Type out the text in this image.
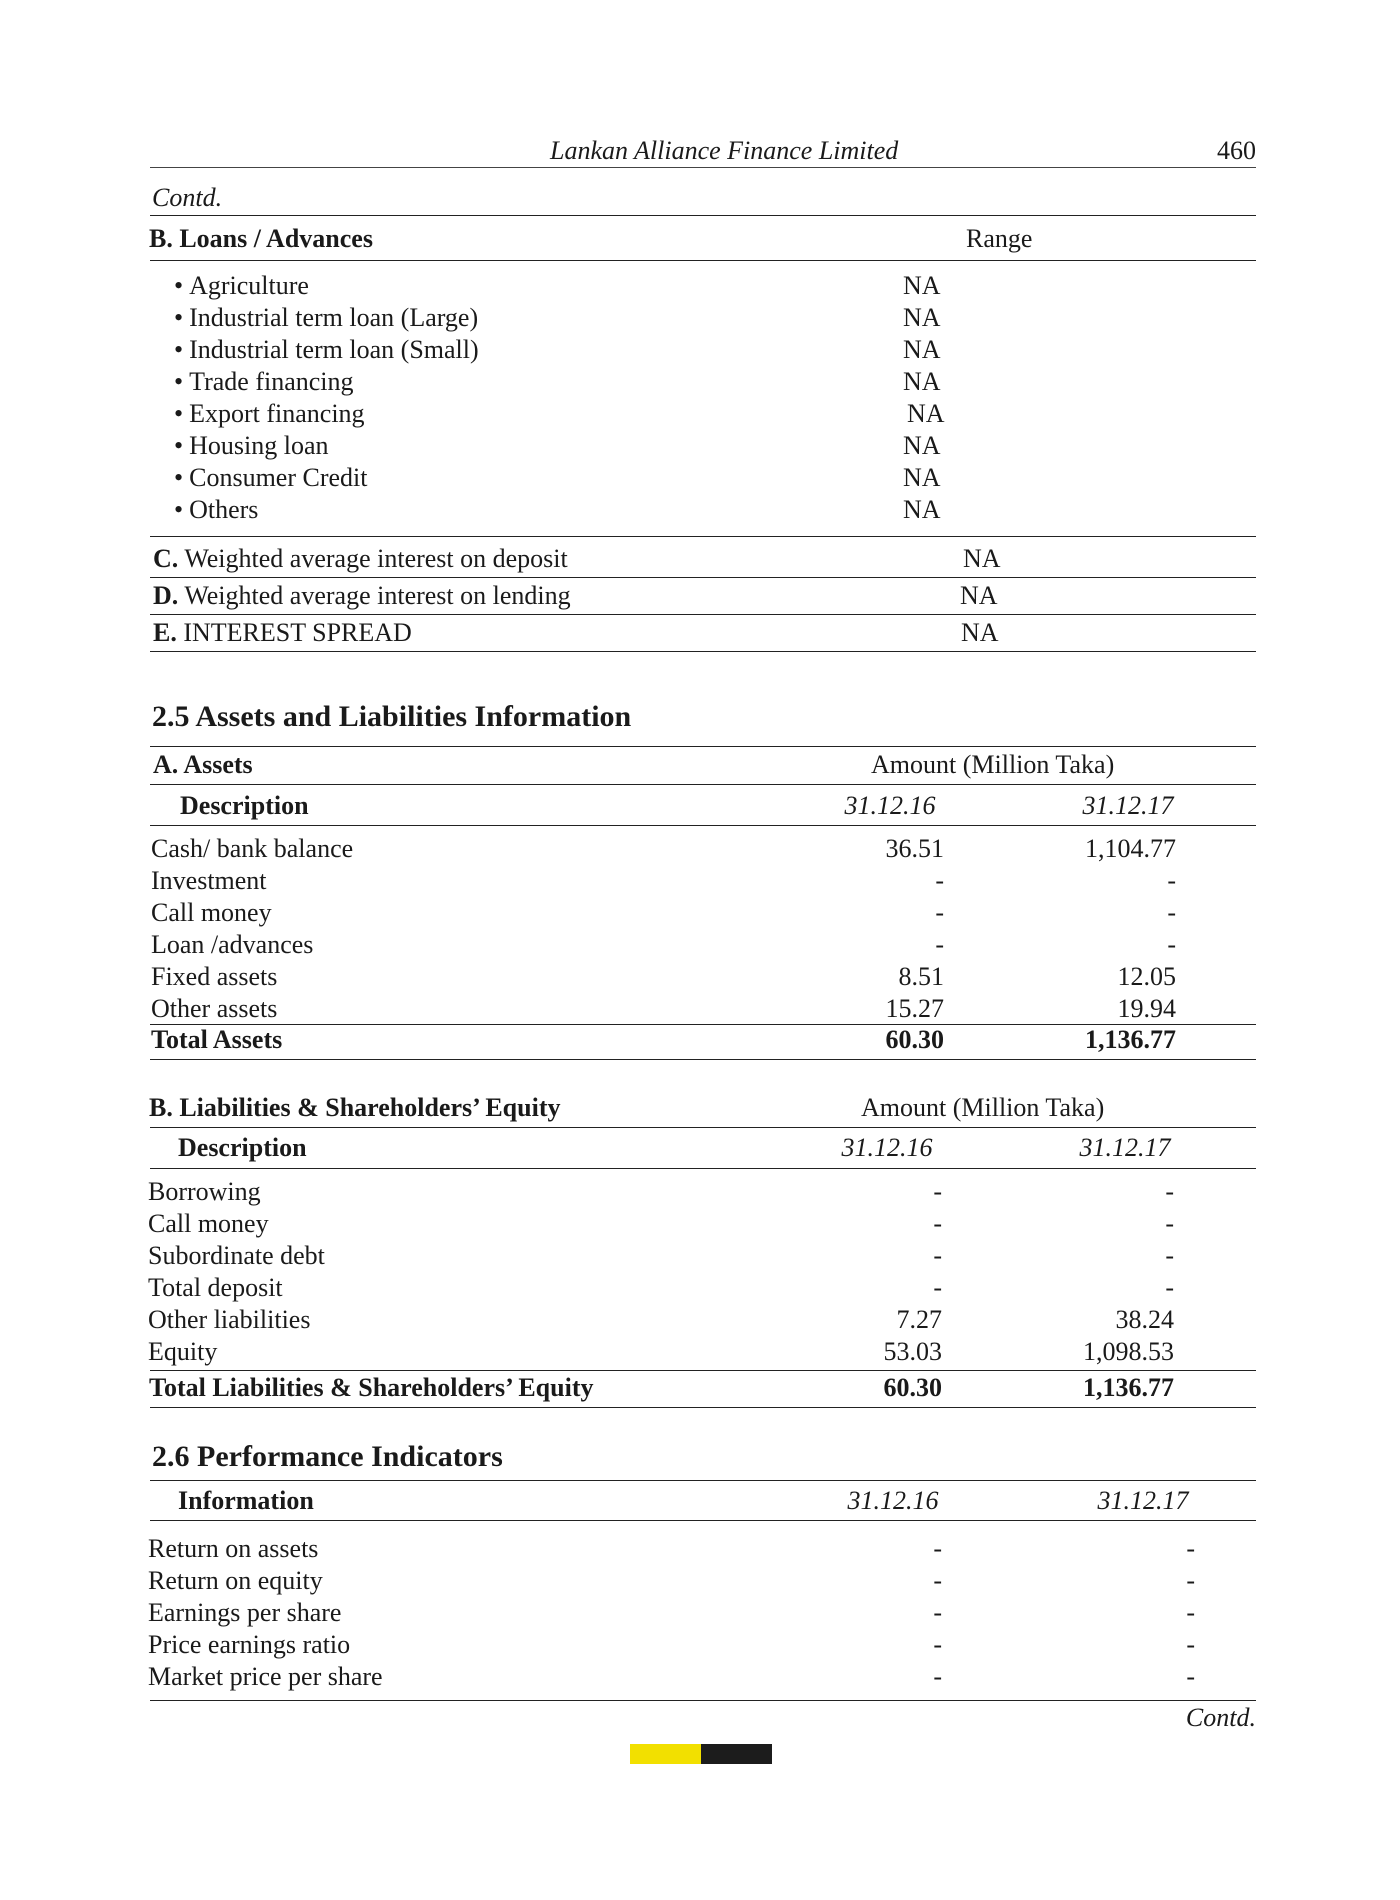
Lankan Alliance Finance Limited	460
Contd.
B. Loans / Advances	Range
• Agriculture	NA
• Industrial term loan (Large)	NA
• Industrial term loan (Small)	NA
• Trade financing	NA
• Export financing	NA
• Housing loan	NA
• Consumer Credit	NA
• Others	NA
C. Weighted average interest on deposit	NA
D. Weighted average interest on lending	NA
E. INTEREST SPREAD	NA
2.5 Assets and Liabilities Information
A. Assets	Amount (Million Taka)
Description	31.12.16	31.12.17
Cash/ bank balance	36.51	1,104.77
Investment	-	-
Call money	-	-
Loan /advances	-	-
Fixed assets	8.51	12.05
Other assets	15.27	19.94
Total Assets	60.30	1,136.77
B. Liabilities & Shareholders’ Equity	Amount (Million Taka)
Description	31.12.16	31.12.17
Borrowing	-	-
Call money	-	-
Subordinate debt	-	-
Total deposit	-	-
Other liabilities	7.27	38.24
Equity	53.03	1,098.53
Total Liabilities & Shareholders’ Equity	60.30	1,136.77
2.6 Performance Indicators
Information	31.12.16	31.12.17
Return on assets	-	-
Return on equity	-	-
Earnings per share	-	-
Price earnings ratio	-	-
Market price per share	-	-
Contd.
